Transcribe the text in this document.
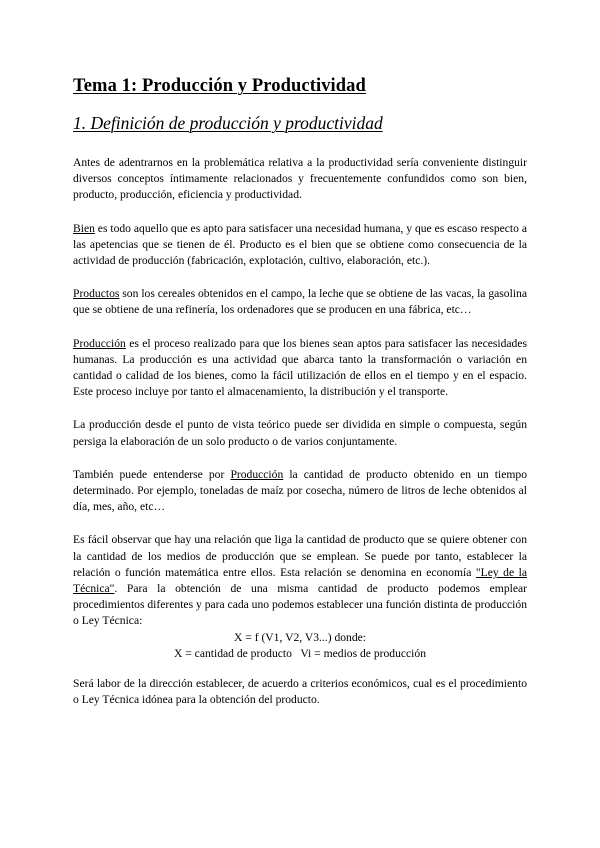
Tema 1: Producción y Productividad
1. Definición de producción y productividad

Antes de adentrarnos en la problemática relativa a la productividad sería conveniente distinguir diversos conceptos íntimamente relacionados y frecuentemente confundidos como son bien, producto, producción, eficiencia y productividad.

Bien es todo aquello que es apto para satisfacer una necesidad humana, y que es escaso respecto a las apetencias que se tienen de él. Producto es el bien que se obtiene como consecuencia de la actividad de producción (fabricación, explotación, cultivo, elaboración, etc.).

Productos son los cereales obtenidos en el campo, la leche que se obtiene de las vacas, la gasolina que se obtiene de una refinería, los ordenadores que se producen en una fábrica, etc…

Producción es el proceso realizado para que los bienes sean aptos para satisfacer las necesidades humanas. La producción es una actividad que abarca tanto la transformación o variación en cantidad o calidad de los bienes, como la fácil utilización de ellos en el tiempo y en el espacio. Este proceso incluye por tanto el almacenamiento, la distribución y el transporte.

La producción desde el punto de vista teórico puede ser dividida en simple o compuesta, según persiga la elaboración de un solo producto o de varios conjuntamente.

También puede entenderse por Producción la cantidad de producto obtenido en un tiempo determinado. Por ejemplo, toneladas de maíz por cosecha, número de litros de leche obtenidos al día, mes, año, etc…

Es fácil observar que hay una relación que liga la cantidad de producto que se quiere obtener con la cantidad de los medios de producción que se emplean. Se puede por tanto, establecer la relación o función matemática entre ellos. Esta relación se denomina en economía "Ley de la Técnica". Para la obtención de una misma cantidad de producto podemos emplear procedimientos diferentes y para cada uno podemos establecer una función distinta de producción o Ley Técnica:

X = f (V1, V2, V3...) donde:

X = cantidad de producto   Vi = medios de producción

Será labor de la dirección establecer, de acuerdo a criterios económicos, cual es el procedimiento o Ley Técnica idónea para la obtención del producto.
